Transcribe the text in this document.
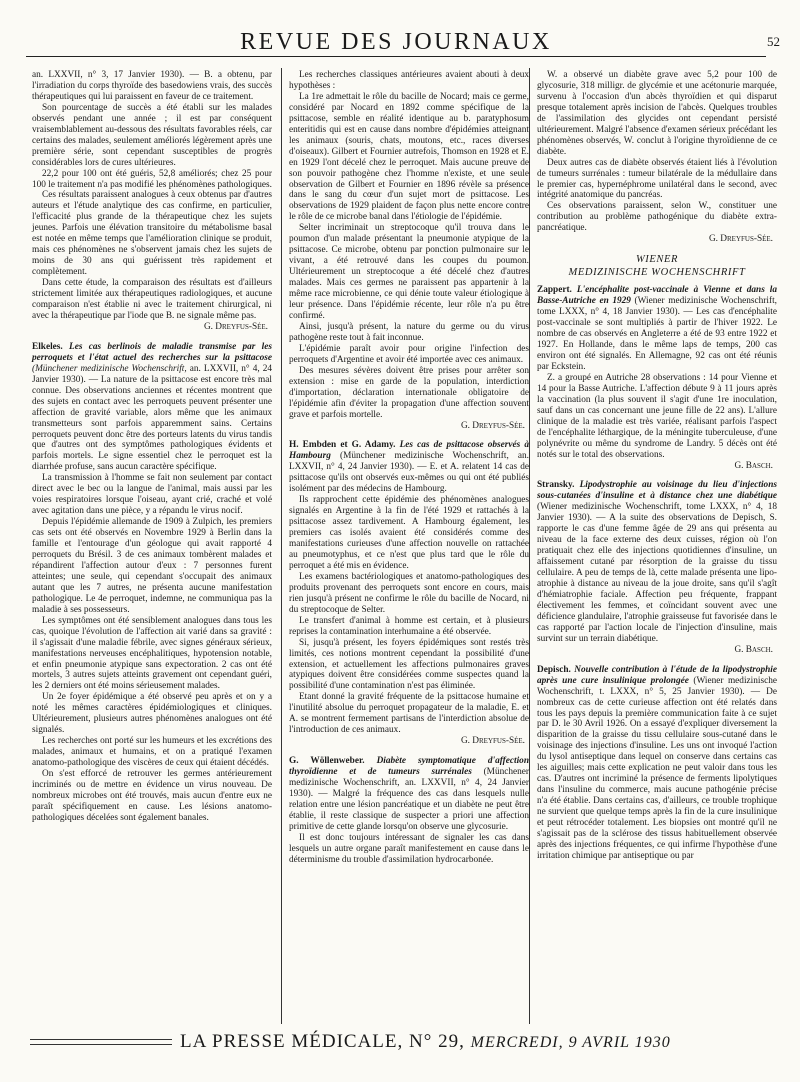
REVUE DES JOURNAUX	52

an. LXXVII, n° 3, 17 Janvier 1930). — B. a obtenu, par l'irradiation du corps thyroïde des basedowiens vrais, des succès thérapeutiques qui lui paraissent en faveur de ce traitement.

Son pourcentage de succès a été établi sur les malades observés pendant une année ; il est par conséquent vraisemblablement au-dessous des résultats favorables réels, car certains des malades, seulement améliorés légèrement après une première série, sont cependant susceptibles de progrès considérables lors de cures ultérieures.

22,2 pour 100 ont été guéris, 52,8 améliorés; chez 25 pour 100 le traitement n'a pas modifié les phénomènes pathologiques.

Ces résultats paraissent analogues à ceux obtenus par d'autres auteurs et l'étude analytique des cas confirme, en particulier, l'efficacité plus grande de la thérapeutique chez les sujets jeunes. Parfois une élévation transitoire du métabolisme basal est notée en même temps que l'amélioration clinique se produit, mais ces phénomènes ne s'observent jamais chez les sujets de moins de 30 ans qui guérissent très rapidement et complètement.

Dans cette étude, la comparaison des résultats est d'ailleurs strictement limitée aux thérapeutiques radiologiques, et aucune comparaison n'est établie ni avec le traitement chirurgical, ni avec la thérapeutique par l'iode que B. ne signale même pas.

G. Dreyfus-Sée.

Elkeles. Les cas berlinois de maladie transmise par les perroquets et l'état actuel des recherches sur la psittacose (Münchener medizinische Wochenschrift, an. LXXVII, n° 4, 24 Janvier 1930). — La nature de la psittacose est encore très mal connue. Des observations anciennes et récentes montrent que des sujets en contact avec les perroquets peuvent présenter une affection de gravité variable, alors même que les animaux transmetteurs sont parfois apparemment sains. Certains perroquets peuvent donc être des porteurs latents du virus tandis que d'autres ont des symptômes pathologiques évidents et parfois mortels. Le signe essentiel chez le perroquet est la diarrhée profuse, sans aucun caractère spécifique.

La transmission à l'homme se fait non seulement par contact direct avec le bec ou la langue de l'animal, mais aussi par les voies respiratoires lorsque l'oiseau, ayant crié, craché et volé avec agitation dans une pièce, y a répandu le virus nocif.

Depuis l'épidémie allemande de 1909 à Zulpich, les premiers cas sets ont été observés en Novembre 1929 à Berlin dans la famille et l'entourage d'un géologue qui avait rapporté 4 perroquets du Brésil. 3 de ces animaux tombèrent malades et répandirent l'affection autour d'eux : 7 personnes furent atteintes; une seule, qui cependant s'occupait des animaux autant que les 7 autres, ne présenta aucune manifestation pathologique. Le 4e perroquet, indemne, ne communiqua pas la maladie à ses possesseurs.

Les symptômes ont été sensiblement analogues dans tous les cas, quoique l'évolution de l'affection ait varié dans sa gravité : il s'agissait d'une maladie fébrile, avec signes généraux sérieux, manifestations nerveuses encéphalitiques, hypotension notable, et enfin pneumonie atypique sans expectoration. 2 cas ont été mortels, 3 autres sujets atteints gravement ont cependant guéri, les 2 derniers ont été moins sérieusement malades.

Un 2e foyer épidémique a été observé peu après et on y a noté les mêmes caractères épidémiologiques et cliniques. Ultérieurement, plusieurs autres phénomènes analogues ont été signalés.

Les recherches ont porté sur les humeurs et les excrétions des malades, animaux et humains, et on a pratiqué l'examen anatomo-pathologique des viscères de ceux qui étaient décédés.

On s'est efforcé de retrouver les germes antérieurement incriminés ou de mettre en évidence un virus nouveau. De nombreux microbes ont été trouvés, mais aucun d'entre eux ne paraît spécifiquement en cause. Les lésions anatomo-pathologiques décelées sont également banales.

Les recherches classiques antérieures avaient abouti à deux hypothèses :

La 1re admettait le rôle du bacille de Nocard; mais ce germe, considéré par Nocard en 1892 comme spécifique de la psittacose, semble en réalité identique au b. paratyphosum enteritidis qui est en cause dans nombre d'épidémies atteignant les animaux (souris, chats, moutons, etc., races diverses d'oiseaux). Gilbert et Fournier autrefois, Thomson en 1928 et E. en 1929 l'ont décelé chez le perroquet. Mais aucune preuve de son pouvoir pathogène chez l'homme n'existe, et une seule observation de Gilbert et Fournier en 1896 révèle sa présence dans le sang du cœur d'un sujet mort de psittacose. Les observations de 1929 plaident de façon plus nette encore contre le rôle de ce microbe banal dans l'étiologie de l'épidémie.

Selter incriminait un streptocoque qu'il trouva dans le poumon d'un malade présentant la pneumonie atypique de la psittacose. Ce microbe, obtenu par ponction pulmonaire sur le vivant, a été retrouvé dans les coupes du poumon. Ultérieurement un streptocoque a été décelé chez d'autres malades. Mais ces germes ne paraissent pas appartenir à la même race microbienne, ce qui dénie toute valeur étiologique à leur présence. Dans l'épidémie récente, leur rôle n'a pu être confirmé.

Ainsi, jusqu'à présent, la nature du germe ou du virus pathogène reste tout à fait inconnue.

L'épidémie paraît avoir pour origine l'infection des perroquets d'Argentine et avoir été importée avec ces animaux.

Des mesures sévères doivent être prises pour arrêter son extension : mise en garde de la population, interdiction d'importation, déclaration internationale obligatoire de l'épidémie afin d'éviter la propagation d'une affection souvent grave et parfois mortelle.

G. Dreyfus-Sée.

H. Embden et G. Adamy. Les cas de psittacose observés à Hambourg (Münchener medizinische Wochenschrift, an. LXXVII, n° 4, 24 Janvier 1930). — E. et A. relatent 14 cas de psittacose qu'ils ont observés eux-mêmes ou qui ont été publiés isolément par des médecins de Hambourg.

Ils rapprochent cette épidémie des phénomènes analogues signalés en Argentine à la fin de l'été 1929 et rattachés à la psittacose assez tardivement. A Hambourg également, les premiers cas isolés avaient été considérés comme des manifestations curieuses d'une affection nouvelle on rattachée au pneumotyphus, et ce n'est que plus tard que le rôle du perroquet a été mis en évidence.

Les examens bactériologiques et anatomo-pathologiques des produits provenant des perroquets sont encore en cours, mais rien jusqu'à présent ne confirme le rôle du bacille de Nocard, ni du streptocoque de Selter.

Le transfert d'animal à homme est certain, et à plusieurs reprises la contamination interhumaine a été observée.

Si, jusqu'à présent, les foyers épidémiques sont restés très limités, ces notions montrent cependant la possibilité d'une extension, et actuellement les affections pulmonaires graves atypiques doivent être considérées comme suspectes quand la possibilité d'une contamination n'est pas éliminée.

Etant donné la gravité fréquente de la psittacose humaine et l'inutilité absolue du perroquet propagateur de la maladie, E. et A. se montrent fermement partisans de l'interdiction absolue de l'introduction de ces animaux.

G. Dreyfus-Sée.

G. Wöllenweber. Diabète symptomatique d'affection thyroïdienne et de tumeurs surrénales (Münchener medizinische Wochenschrift, an. LXXVII, n° 4, 24 Janvier 1930). — Malgré la fréquence des cas dans lesquels nulle relation entre une lésion pancréatique et un diabète ne peut être établie, il reste classique de suspecter a priori une affection primitive de cette glande lorsqu'on observe une glycosurie.

Il est donc toujours intéressant de signaler les cas dans lesquels un autre organe paraît manifestement en cause dans le déterminisme du trouble d'assimilation hydrocarbonée.

W. a observé un diabète grave avec 5,2 pour 100 de glycosurie, 318 milligr. de glycémie et une acétonurie marquée, survenu à l'occasion d'un abcès thyroïdien et qui disparut presque totalement après incision de l'abcès. Quelques troubles de l'assimilation des glycides ont cependant persisté ultérieurement. Malgré l'absence d'examen sérieux précédant les phénomènes observés, W. conclut à l'origine thyroïdienne de ce diabète.

Deux autres cas de diabète observés étaient liés à l'évolution de tumeurs surrénales : tumeur bilatérale de la médullaire dans le premier cas, hypernéphrome unilatéral dans le second, avec intégrité anatomique du pancréas.

Ces observations paraissent, selon W., constituer une contribution au problème pathogénique du diabète extra-pancréatique.

G. Dreyfus-Sée.

WIENER
MEDIZINISCHE WOCHENSCHRIFT

Zappert. L'encéphalite post-vaccinale à Vienne et dans la Basse-Autriche en 1929 (Wiener medizinische Wochenschrift, tome LXXX, n° 4, 18 Janvier 1930). — Les cas d'encéphalite post-vaccinale se sont multipliés à partir de l'hiver 1922. Le nombre de cas observés en Angleterre a été de 93 entre 1922 et 1927. En Hollande, dans le même laps de temps, 200 cas environ ont été signalés. En Allemagne, 92 cas ont été réunis par Eckstein.

Z. a groupé en Autriche 28 observations : 14 pour Vienne et 14 pour la Basse Autriche. L'affection débute 9 à 11 jours après la vaccination (la plus souvent il s'agit d'une 1re inoculation, sauf dans un cas concernant une jeune fille de 22 ans). L'allure clinique de la maladie est très variée, réalisant parfois l'aspect de l'encéphalite léthargique, de la méningite tuberculeuse, d'une polynévrite ou même du syndrome de Landry. 5 décès ont été notés sur le total des observations.

G. Basch.

Stransky. Lipodystrophie au voisinage du lieu d'injections sous-cutanées d'insuline et à distance chez une diabétique (Wiener medizinische Wochenschrift, tome LXXX, n° 4, 18 Janvier 1930). — A la suite des observations de Depisch, S. rapporte le cas d'une femme âgée de 29 ans qui présenta au niveau de la face externe des deux cuisses, région où l'on pratiquait chez elle des injections quotidiennes d'insuline, un affaissement cutané par résorption de la graisse du tissu cellulaire. A peu de temps de là, cette malade présenta une lipo-atrophie à distance au niveau de la joue droite, sans qu'il s'agît d'hémiatrophie faciale. Affection peu fréquente, frappant électivement les femmes, et coïncidant souvent avec une déficience glandulaire, l'atrophie graisseuse fut favorisée dans le cas rapporté par l'action locale de l'injection d'insuline, mais survint sur un terrain diabétique.

G. Basch.

Depisch. Nouvelle contribution à l'étude de la lipodystrophie après une cure insulinique prolongée (Wiener medizinische Wochenschrift, t. LXXX, n° 5, 25 Janvier 1930). — De nombreux cas de cette curieuse affection ont été relatés dans tous les pays depuis la première communication faite à ce sujet par D. le 30 Avril 1926. On a essayé d'expliquer diversement la disparition de la graisse du tissu cellulaire sous-cutané dans le voisinage des injections d'insuline. Les uns ont invoqué l'action du lysol antiseptique dans lequel on conserve dans certains cas les aiguilles; mais cette explication ne peut valoir dans tous les cas. D'autres ont incriminé la présence de ferments lipolytiques dans l'insuline du commerce, mais aucune pathogénie précise n'a été établie. Dans certains cas, d'ailleurs, ce trouble trophique ne survient que quelque temps après la fin de la cure insulinique et peut rétrocéder totalement. Les biopsies ont montré qu'il ne s'agissait pas de la sclérose des tissus habituellement observée après des injections fréquentes, ce qui infirme l'hypothèse d'une irritation chimique par antiseptique ou par

LA PRESSE MÉDICALE, N° 29, MERCREDI, 9 AVRIL 1930
